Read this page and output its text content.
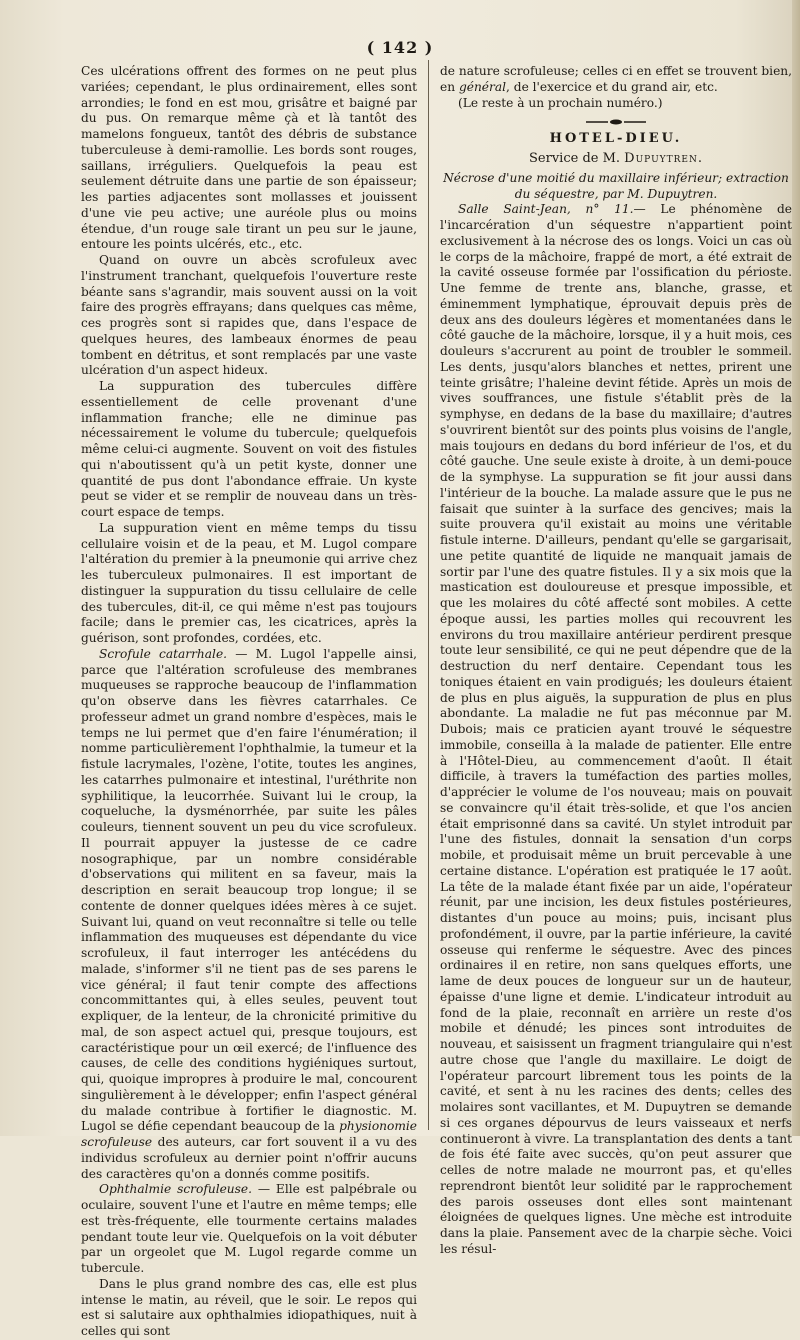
( 142 )

Ces ulcérations offrent des formes on ne peut plus variées; cependant, le plus ordinairement, elles sont arrondies; le fond en est mou, grisâtre et baigné par du pus. On remarque même çà et là tantôt des mamelons fongueux, tantôt des débris de substance tuberculeuse à demi-ramollie. Les bords sont rouges, saillans, irréguliers. Quelquefois la peau est seulement détruite dans une partie de son épaisseur; les parties adjacentes sont mollasses et jouissent d'une vie peu active; une auréole plus ou moins étendue, d'un rouge sale tirant un peu sur le jaune, entoure les points ulcérés, etc., etc.

Quand on ouvre un abcès scrofuleux avec l'instrument tranchant, quelquefois l'ouverture reste béante sans s'agrandir, mais souvent aussi on la voit faire des progrès effrayans; dans quelques cas même, ces progrès sont si rapides que, dans l'espace de quelques heures, des lambeaux énormes de peau tombent en détritus, et sont remplacés par une vaste ulcération d'un aspect hideux.

La suppuration des tubercules diffère essentiellement de celle provenant d'une inflammation franche; elle ne diminue pas nécessairement le volume du tubercule; quelquefois même celui-ci augmente. Souvent on voit des fistules qui n'aboutissent qu'à un petit kyste, donner une quantité de pus dont l'abondance effraie. Un kyste peut se vider et se remplir de nouveau dans un très-court espace de temps.

La suppuration vient en même temps du tissu cellulaire voisin et de la peau, et M. Lugol compare l'altération du premier à la pneumonie qui arrive chez les tuberculeux pulmonaires. Il est important de distinguer la suppuration du tissu cellulaire de celle des tubercules, dit-il, ce qui même n'est pas toujours facile; dans le premier cas, les cicatrices, après la guérison, sont profondes, cordées, etc.

Scrofule catarrhale. — M. Lugol l'appelle ainsi, parce que l'altération scrofuleuse des membranes muqueuses se rapproche beaucoup de l'inflammation qu'on observe dans les fièvres catarrhales. Ce professeur admet un grand nombre d'espèces, mais le temps ne lui permet que d'en faire l'énumération; il nomme particulièrement l'ophthalmie, la tumeur et la fistule lacrymales, l'ozène, l'otite, toutes les angines, les catarrhes pulmonaire et intestinal, l'uréthrite non syphilitique, la leucorrhée. Suivant lui le croup, la coqueluche, la dysménorrhée, par suite les pâles couleurs, tiennent souvent un peu du vice scrofuleux. Il pourrait appuyer la justesse de ce cadre nosographique, par un nombre considérable d'observations qui militent en sa faveur, mais la description en serait beaucoup trop longue; il se contente de donner quelques idées mères à ce sujet. Suivant lui, quand on veut reconnaître si telle ou telle inflammation des muqueuses est dépendante du vice scrofuleux, il faut interroger les antécédens du malade, s'informer s'il ne tient pas de ses parens le vice général; il faut tenir compte des affections concommittantes qui, à elles seules, peuvent tout expliquer, de la lenteur, de la chronicité primitive du mal, de son aspect actuel qui, presque toujours, est caractéristique pour un œil exercé; de l'influence des causes, de celle des conditions hygiéniques surtout, qui, quoique impropres à produire le mal, concourent singulièrement à le développer; enfin l'aspect général du malade contribue à fortifier le diagnostic. M. Lugol se défie cependant beaucoup de la physionomie scrofuleuse des auteurs, car fort souvent il a vu des individus scrofuleux au dernier point n'offrir aucuns des caractères qu'on a donnés comme positifs.

Ophthalmie scrofuleuse. — Elle est palpébrale ou oculaire, souvent l'une et l'autre en même temps; elle est très-fréquente, elle tourmente certains malades pendant toute leur vie. Quelquefois on la voit débuter par un orgeolet que M. Lugol regarde comme un tubercule.

Dans le plus grand nombre des cas, elle est plus intense le matin, au réveil, que le soir. Le repos qui est si salutaire aux ophthalmies idiopathiques, nuit à celles qui sont

de nature scrofuleuse; celles ci en effet se trouvent bien, en général, de l'exercice et du grand air, etc.

(Le reste à un prochain numéro.)

HOTEL-DIEU.

Service de M. Dupuytren.

Nécrose d'une moitié du maxillaire inférieur; extraction du séquestre, par M. Dupuytren.

Salle Saint-Jean, n° 11.— Le phénomène de l'incarcération d'un séquestre n'appartient point exclusivement à la nécrose des os longs. Voici un cas où le corps de la mâchoire, frappé de mort, a été extrait de la cavité osseuse formée par l'ossification du périoste. Une femme de trente ans, blanche, grasse, et éminemment lymphatique, éprouvait depuis près de deux ans des douleurs légères et momentanées dans le côté gauche de la mâchoire, lorsque, il y a huit mois, ces douleurs s'accrurent au point de troubler le sommeil. Les dents, jusqu'alors blanches et nettes, prirent une teinte grisâtre; l'haleine devint fétide. Après un mois de vives souffrances, une fistule s'établit près de la symphyse, en dedans de la base du maxillaire; d'autres s'ouvrirent bientôt sur des points plus voisins de l'angle, mais toujours en dedans du bord inférieur de l'os, et du côté gauche. Une seule existe à droite, à un demi-pouce de la symphyse. La suppuration se fit jour aussi dans l'intérieur de la bouche. La malade assure que le pus ne faisait que suinter à la surface des gencives; mais la suite prouvera qu'il existait au moins une véritable fistule interne. D'ailleurs, pendant qu'elle se gargarisait, une petite quantité de liquide ne manquait jamais de sortir par l'une des quatre fistules. Il y a six mois que la mastication est douloureuse et presque impossible, et que les molaires du côté affecté sont mobiles. A cette époque aussi, les parties molles qui recouvrent les environs du trou maxillaire antérieur perdirent presque toute leur sensibilité, ce qui ne peut dépendre que de la destruction du nerf dentaire. Cependant tous les toniques étaient en vain prodigués; les douleurs étaient de plus en plus aiguës, la suppuration de plus en plus abondante. La maladie ne fut pas méconnue par M. Dubois; mais ce praticien ayant trouvé le séquestre immobile, conseilla à la malade de patienter. Elle entre à l'Hôtel-Dieu, au commencement d'août. Il était difficile, à travers la tuméfaction des parties molles, d'apprécier le volume de l'os nouveau; mais on pouvait se convaincre qu'il était très-solide, et que l'os ancien était emprisonné dans sa cavité. Un stylet introduit par l'une des fistules, donnait la sensation d'un corps mobile, et produisait même un bruit percevable à une certaine distance. L'opération est pratiquée le 17 août. La tête de la malade étant fixée par un aide, l'opérateur réunit, par une incision, les deux fistules postérieures, distantes d'un pouce au moins; puis, incisant plus profondément, il ouvre, par la partie inférieure, la cavité osseuse qui renferme le séquestre. Avec des pinces ordinaires il en retire, non sans quelques efforts, une lame de deux pouces de longueur sur un de hauteur, épaisse d'une ligne et demie. L'indicateur introduit au fond de la plaie, reconnaît en arrière un reste d'os mobile et dénudé; les pinces sont introduites de nouveau, et saisissent un fragment triangulaire qui n'est autre chose que l'angle du maxillaire. Le doigt de l'opérateur parcourt librement tous les points de la cavité, et sent à nu les racines des dents; celles des molaires sont vacillantes, et M. Dupuytren se demande si ces organes dépourvus de leurs vaisseaux et nerfs continueront à vivre. La transplantation des dents a tant de fois été faite avec succès, qu'on peut assurer que celles de notre malade ne mourront pas, et qu'elles reprendront bientôt leur solidité par le rapprochement des parois osseuses dont elles sont maintenant éloignées de quelques lignes. Une mèche est introduite dans la plaie. Pansement avec de la charpie sèche. Voici les résul-
